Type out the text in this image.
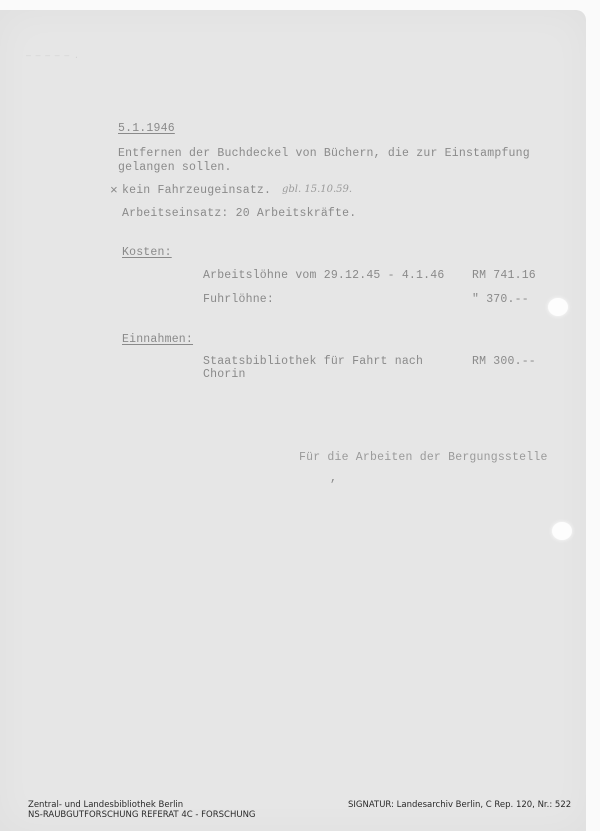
— — — — — .
5.1.1946
Entfernen der Buchdeckel von Büchern, die zur Einstampfung
gelangen sollen.
× kein Fahrzeugeinsatz. gbl. 15.10.59.
Arbeitseinsatz: 20 Arbeitskräfte.
Kosten:
Arbeitslöhne vom 29.12.45 - 4.1.46 RM 741.16
Fuhrlöhne:	" 370.--
Einnahmen:
Staatsbibliothek für Fahrt nach
Chorin
RM 300.--
Für die Arbeiten der Bergungsstelle
,
Zentral- und Landesbibliothek Berlin
NS-RAUBGUTFORSCHUNG REFERAT 4C - FORSCHUNG
SIGNATUR: Landesarchiv Berlin, C Rep. 120, Nr.: 522
